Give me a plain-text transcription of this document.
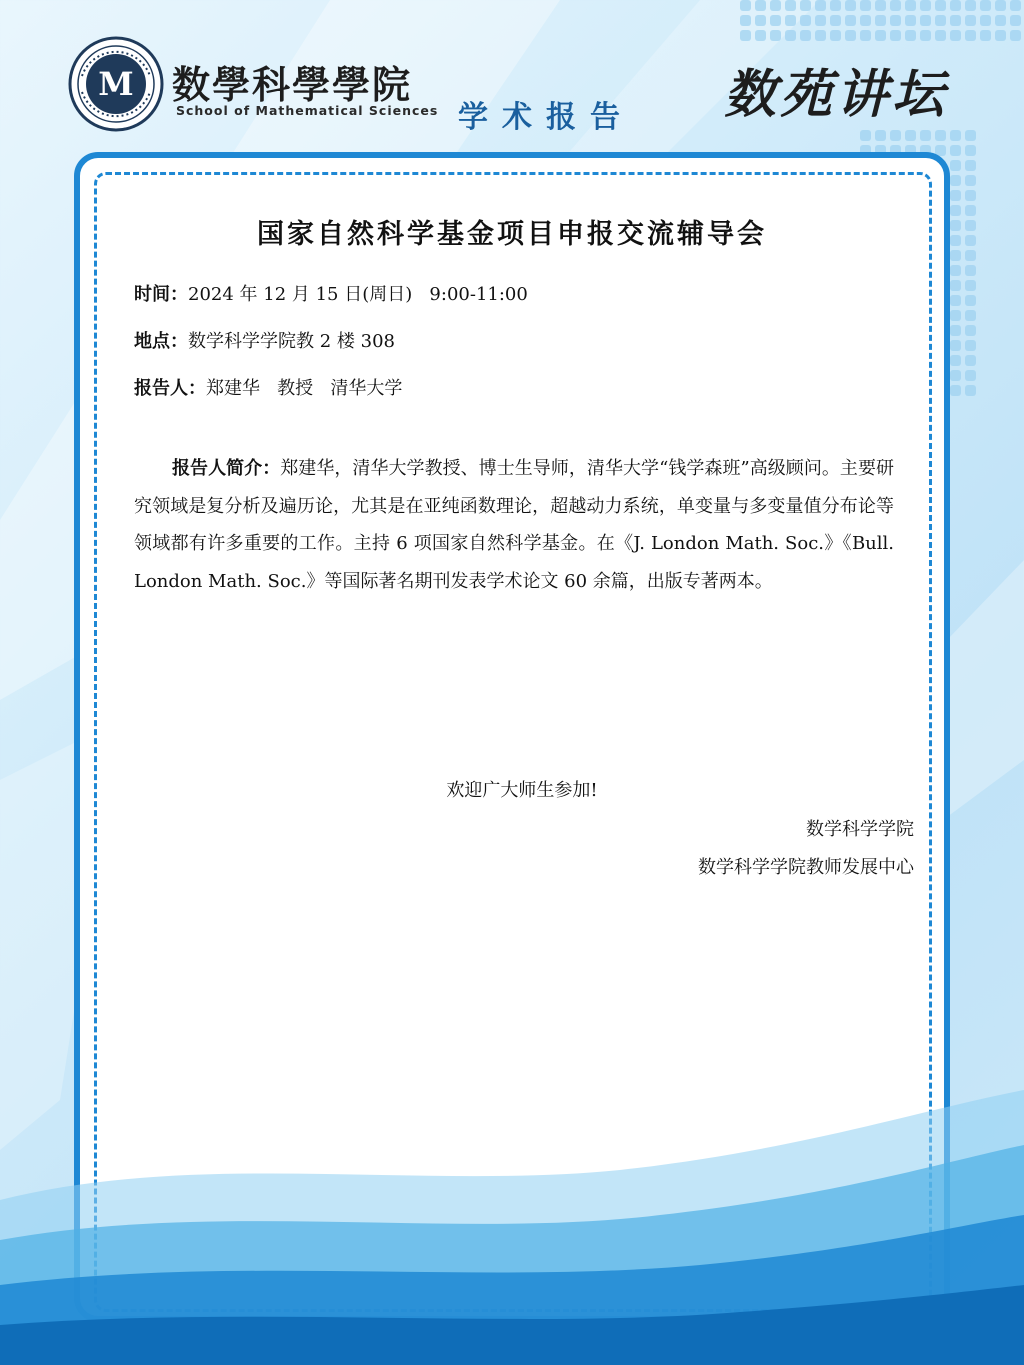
M 数學科學學院
School of Mathematical Sciences 学术报告 数苑讲坛
国家自然科学基金项目申报交流辅导会
时间：2024 年 12 月 15 日(周日)   9:00-11:00
地点：数学科学学院教 2 楼 308
报告人：郑建华   教授   清华大学
报告人简介：郑建华，清华大学教授、博士生导师，清华大学“钱学森班”高级顾问。主要研究领域是复分析及遍历论，尤其是在亚纯函数理论，超越动力系统，单变量与多变量值分布论等领域都有许多重要的工作。主持 6 项国家自然科学基金。在《J. London Math. Soc.》《Bull. London Math. Soc.》等国际著名期刊发表学术论文 60 余篇，出版专著两本。
欢迎广大师生参加!
数学科学学院
数学科学学院教师发展中心
